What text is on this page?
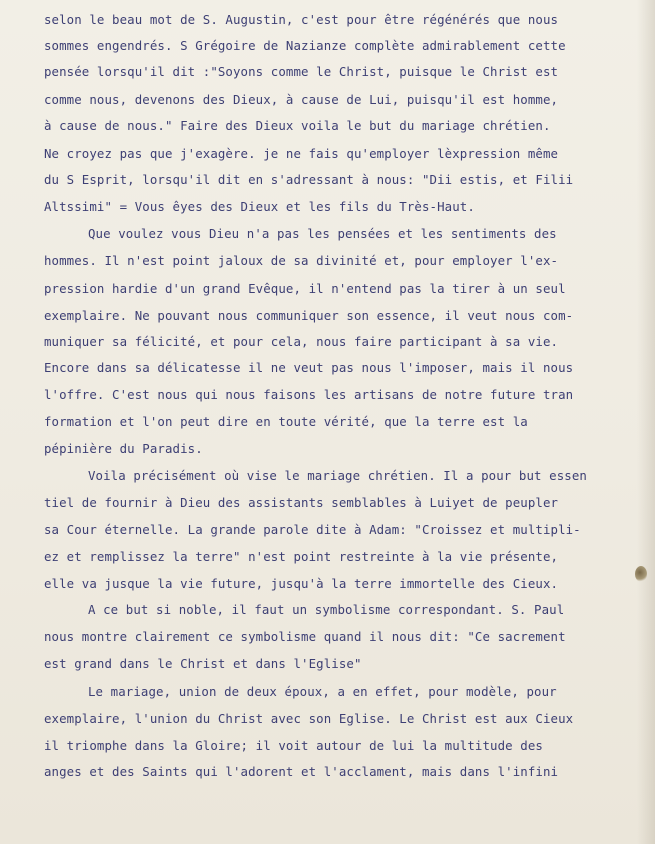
selon le beau mot de S. Augustin, c'est pour être régénérés que nous
sommes engendrés. S Grégoire de Nazianze complète admirablement cette
pensée lorsqu'il dit :"Soyons comme le Christ, puisque le Christ est
comme nous, devenons des Dieux, à cause de Lui, puisqu'il est homme,
à cause de nous." Faire des Dieux voila le but du mariage chrétien.
Ne croyez pas que j'exagère. je ne fais qu'employer lèxpression même
du S Esprit, lorsqu'il dit en s'adressant à nous: "Dii estis, et Filii
Altssimi" = Vous êyes des Dieux et les fils du Très-Haut.
Que voulez vous Dieu n'a pas les pensées et les sentiments des
hommes. Il n'est point jaloux de sa divinité et, pour employer l'ex-
pression hardie d'un grand Evêque, il n'entend pas la tirer à un seul
exemplaire. Ne pouvant nous communiquer son essence, il veut nous com-
muniquer sa félicité, et pour cela, nous faire participant à sa vie.
Encore dans sa délicatesse il ne veut pas nous l'imposer, mais il nous
l'offre. C'est nous qui nous faisons les artisans de notre future tran
formation et l'on peut dire en toute vérité, que la terre est la
pépinière du Paradis.
Voila précisément où vise le mariage chrétien. Il a pour but essen
tiel de fournir à Dieu des assistants semblables à Luiyet de peupler
sa Cour éternelle. La grande parole dite à Adam: "Croissez et multipli-
ez et remplissez la terre" n'est point restreinte à la vie présente,
elle va jusque la vie future, jusqu'à la terre immortelle des Cieux.
A ce but si noble, il faut un symbolisme correspondant. S. Paul
nous montre clairement ce symbolisme quand il nous dit: "Ce sacrement
est grand dans le Christ et dans l'Eglise"
Le mariage, union de deux époux, a en effet, pour modèle, pour
exemplaire, l'union du Christ avec son Eglise. Le Christ est aux Cieux
il triomphe dans la Gloire; il voit autour de lui la multitude des
anges et des Saints qui l'adorent et l'acclament, mais dans l'infini
